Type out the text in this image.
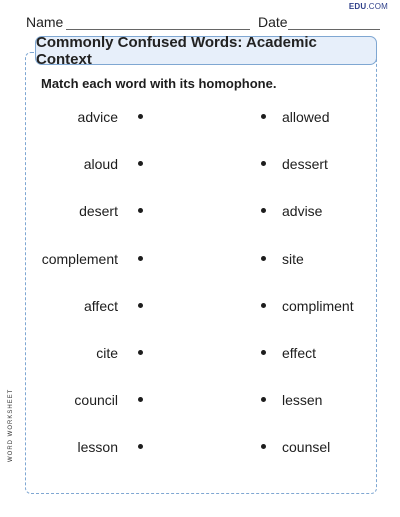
Name	Date
EDU.COM
Commonly Confused Words: Academic Context
Match each word with its homophone.
advice	allowed
aloud	dessert
desert	advise
complement	site
affect	compliment
cite	effect
council	lessen
lesson	counsel
WORD WORKSHEET
